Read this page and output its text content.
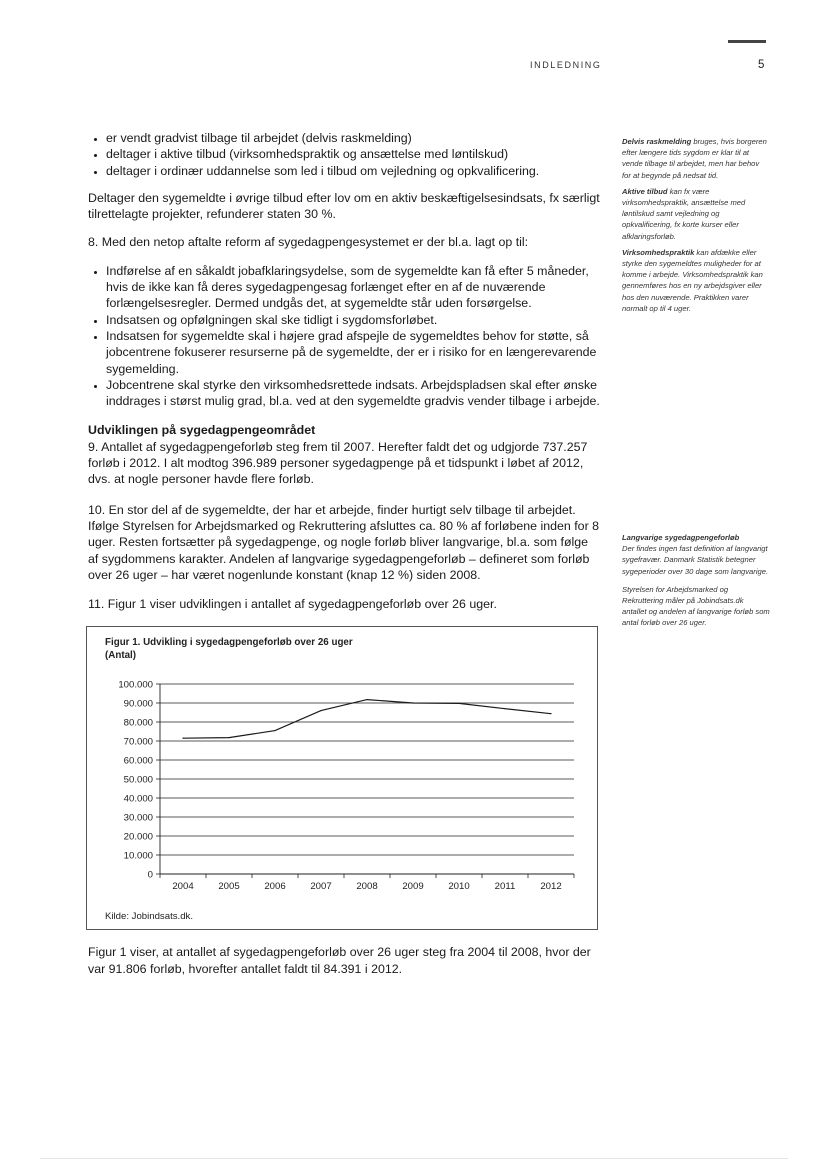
INDLEDNING	5
• er vendt gradvist tilbage til arbejdet (delvis raskmelding)
• deltager i aktive tilbud (virksomhedspraktik og ansættelse med løntilskud)
• deltager i ordinær uddannelse som led i tilbud om vejledning og opkvalificering.

Deltager den sygemeldte i øvrige tilbud efter lov om en aktiv beskæftigelsesindsats, fx særligt tilrettelagte projekter, refunderer staten 30 %.

8. Med den netop aftalte reform af sygedagpengesystemet er der bl.a. lagt op til:

• Indførelse af en såkaldt jobafklaringsydelse, som de sygemeldte kan få efter 5 måneder, hvis de ikke kan få deres sygedagpengesag forlænget efter en af de nuværende forlængelsesregler. Dermed undgås det, at sygemeldte står uden forsørgelse.
• Indsatsen og opfølgningen skal ske tidligt i sygdomsforløbet.
• Indsatsen for sygemeldte skal i højere grad afspejle de sygemeldtes behov for støtte, så jobcentrene fokuserer resurserne på de sygemeldte, der er i risiko for en længerevarende sygemelding.
• Jobcentrene skal styrke den virksomhedsrettede indsats. Arbejdspladsen skal efter ønske inddrages i størst mulig grad, bl.a. ved at den sygemeldte gradvis vender tilbage i arbejde.
Udviklingen på sygedagpengeområdet

9. Antallet af sygedagpengeforløb steg frem til 2007. Herefter faldt det og udgjorde 737.257 forløb i 2012. I alt modtog 396.989 personer sygedagpenge på et tidspunkt i løbet af 2012, dvs. at nogle personer havde flere forløb.

10. En stor del af de sygemeldte, der har et arbejde, finder hurtigt selv tilbage til arbejdet. Ifølge Styrelsen for Arbejdsmarked og Rekruttering afsluttes ca. 80 % af forløbene inden for 8 uger. Resten fortsætter på sygedagpenge, og nogle forløb bliver langvarige, bl.a. som følge af sygdommens karakter. Andelen af langvarige sygedagpengeforløb – defineret som forløb over 26 uger – har været nogenlunde konstant (knap 12 %) siden 2008.

11. Figur 1 viser udviklingen i antallet af sygedagpengeforløb over 26 uger.

Figur 1. Udvikling i sygedagpengeforløb over 26 uger
(Antal)
0
10.000
20.000
30.000
40.000
50.000
60.000
70.000
80.000
90.000
100.000
2004	2005	2006	2007	2008	2009	2010	2011	2012
Kilde: Jobindsats.dk.

Figur 1 viser, at antallet af sygedagpengeforløb over 26 uger steg fra 2004 til 2008, hvor der var 91.806 forløb, hvorefter antallet faldt til 84.391 i 2012.

Delvis raskmelding bruges, hvis borgeren efter længere tids sygdom er klar til at vende tilbage til arbejdet, men har behov for at begynde på nedsat tid.

Aktive tilbud kan fx være virksomhedspraktik, ansættelse med løntilskud samt vejledning og opkvalificering, fx korte kurser eller afklaringsforløb.

Virksomhedspraktik kan afdække eller styrke den sygemeldtes muligheder for at komme i arbejde. Virksomhedspraktik kan gennemføres hos en ny arbejdsgiver eller hos den nuværende. Praktikken varer normalt op til 4 uger.

Langvarige sygedagpengeforløb

Der findes ingen fast definition af langvarigt sygefravær. Danmark Statistik betegner sygeperioder over 30 dage som langvarige.

Styrelsen for Arbejdsmarked og Rekruttering måler på Jobindsats.dk antallet og andelen af langvarige forløb som antal forløb over 26 uger.
